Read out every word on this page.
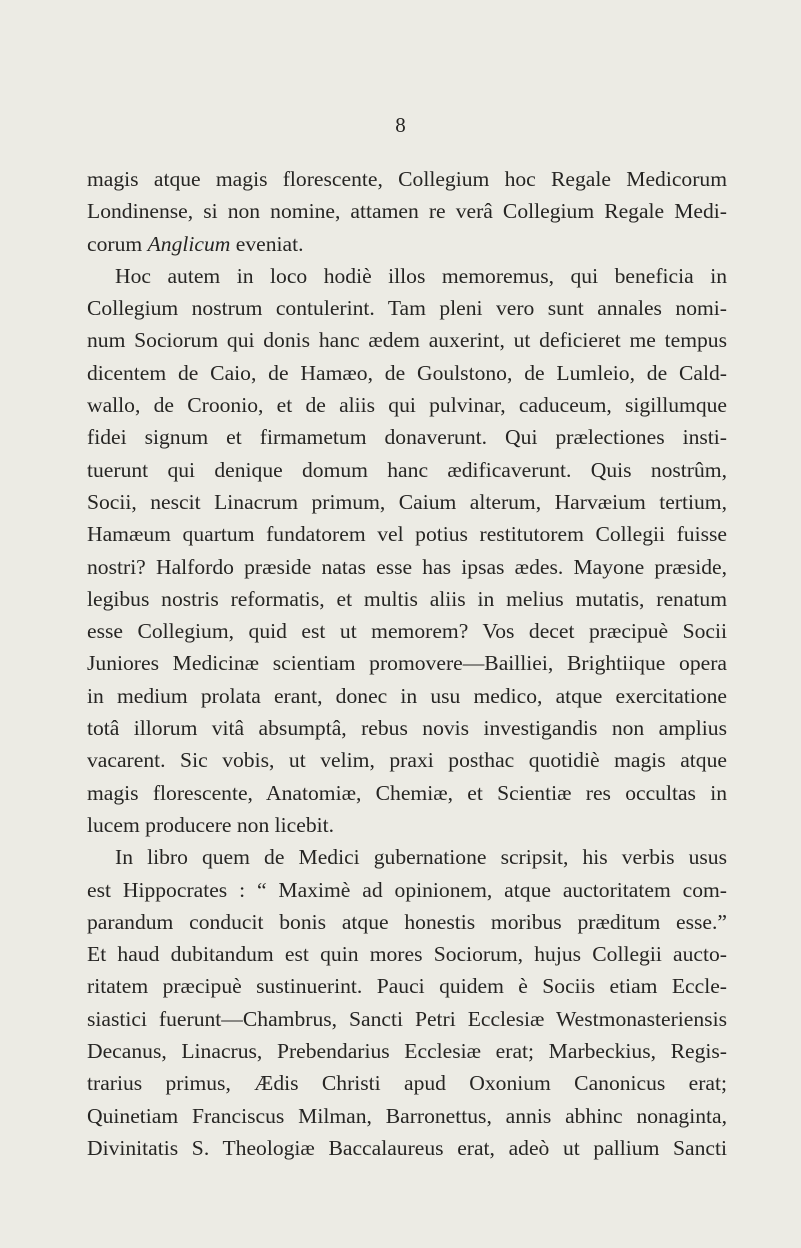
8
magis atque magis florescente, Collegium hoc Regale Medicorum
Londinense, si non nomine, attamen re verâ Collegium Regale Medi-
corum Anglicum eveniat.
Hoc autem in loco hodiè illos memoremus, qui beneficia in
Collegium nostrum contulerint. Tam pleni vero sunt annales nomi-
num Sociorum qui donis hanc ædem auxerint, ut deficieret me tempus
dicentem de Caio, de Hamæo, de Goulstono, de Lumleio, de Cald-
wallo, de Croonio, et de aliis qui pulvinar, caduceum, sigillumque
fidei signum et firmametum donaverunt. Qui prælectiones insti-
tuerunt qui denique domum hanc ædificaverunt. Quis nostrûm,
Socii, nescit Linacrum primum, Caium alterum, Harvæium tertium,
Hamæum quartum fundatorem vel potius restitutorem Collegii fuisse
nostri? Halfordo præside natas esse has ipsas ædes. Mayone præside,
legibus nostris reformatis, et multis aliis in melius mutatis, renatum
esse Collegium, quid est ut memorem? Vos decet præcipuè Socii
Juniores Medicinæ scientiam promovere—Bailliei, Brightiique opera
in medium prolata erant, donec in usu medico, atque exercitatione
totâ illorum vitâ absumptâ, rebus novis investigandis non amplius
vacarent. Sic vobis, ut velim, praxi posthac quotidiè magis atque
magis florescente, Anatomiæ, Chemiæ, et Scientiæ res occultas in
lucem producere non licebit.
In libro quem de Medici gubernatione scripsit, his verbis usus
est Hippocrates : “ Maximè ad opinionem, atque auctoritatem com-
parandum conducit bonis atque honestis moribus præditum esse.”
Et haud dubitandum est quin mores Sociorum, hujus Collegii aucto-
ritatem præcipuè sustinuerint. Pauci quidem è Sociis etiam Eccle-
siastici fuerunt—Chambrus, Sancti Petri Ecclesiæ Westmonasteriensis
Decanus, Linacrus, Prebendarius Ecclesiæ erat; Marbeckius, Regis-
trarius primus, Ædis Christi apud Oxonium Canonicus erat;
Quinetiam Franciscus Milman, Barronettus, annis abhinc nonaginta,
Divinitatis S. Theologiæ Baccalaureus erat, adeò ut pallium Sancti
